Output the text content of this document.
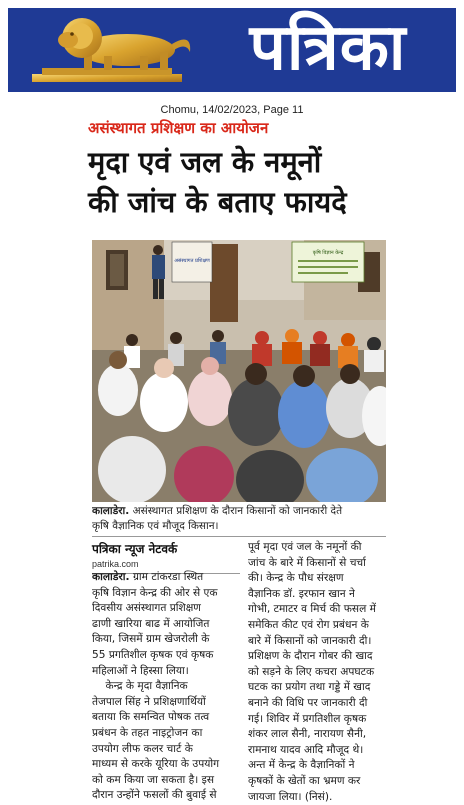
पत्रिका
Chomu, 14/02/2023, Page 11
असंस्थागत प्रशिक्षण का आयोजन
मृदा एवं जल के नमूनों
की जांच के बताए फायदे
असंस्थागत प्रशिक्षण
कृषि विज्ञान केन्द्र
कालाडेरा. असंस्थागत प्रशिक्षण के दौरान किसानों को जानकारी देते
कृषि वैज्ञानिक एवं मौजूद किसान।
पत्रिका न्यूज नेटवर्क
patrika.com
कालाडेरा. ग्राम टांकरडा स्थित
कृषि विज्ञान केन्द्र की ओर से एक
दिवसीय असंस्थागत प्रशिक्षण
ढाणी खारिया बाढ में आयोजित
किया, जिसमें ग्राम खेजरोली के
55 प्रगतिशील कृषक एवं कृषक
महिलाओं ने हिस्सा लिया।
केन्द्र के मृदा वैज्ञानिक
तेजपाल सिंह ने प्रशिक्षणार्थियों
बताया कि समन्वित पोषक तत्व
प्रबंधन के तहत नाइट्रोजन का
उपयोग लीफ कलर चार्ट के
माध्यम से करके यूरिया के उपयोग
को कम किया जा सकता है। इस
दौरान उन्होंने फसलों की बुवाई से
पूर्व मृदा एवं जल के नमूनों की
जांच के बारे में किसानों से चर्चा
की। केन्द्र के पौध संरक्षण
वैज्ञानिक डॉ. इरफान खान ने
गोभी, टमाटर व मिर्च की फसल में
समेकित कीट एवं रोग प्रबंधन के
बारे में किसानों को जानकारी दी।
प्रशिक्षण के दौरान गोबर की खाद
को सड़ने के लिए कचरा अपघटक
घटक का प्रयोग तथा गड्डे में खाद
बनाने की विधि पर जानकारी दी
गई। शिविर में प्रगतिशील कृषक
शंकर लाल सैनी, नारायण सैनी,
रामनाथ यादव आदि मौजूद थे।
अन्त में केन्द्र के वैज्ञानिकों ने
कृषकों के खेतों का भ्रमण कर
जायजा लिया। (निसं).
